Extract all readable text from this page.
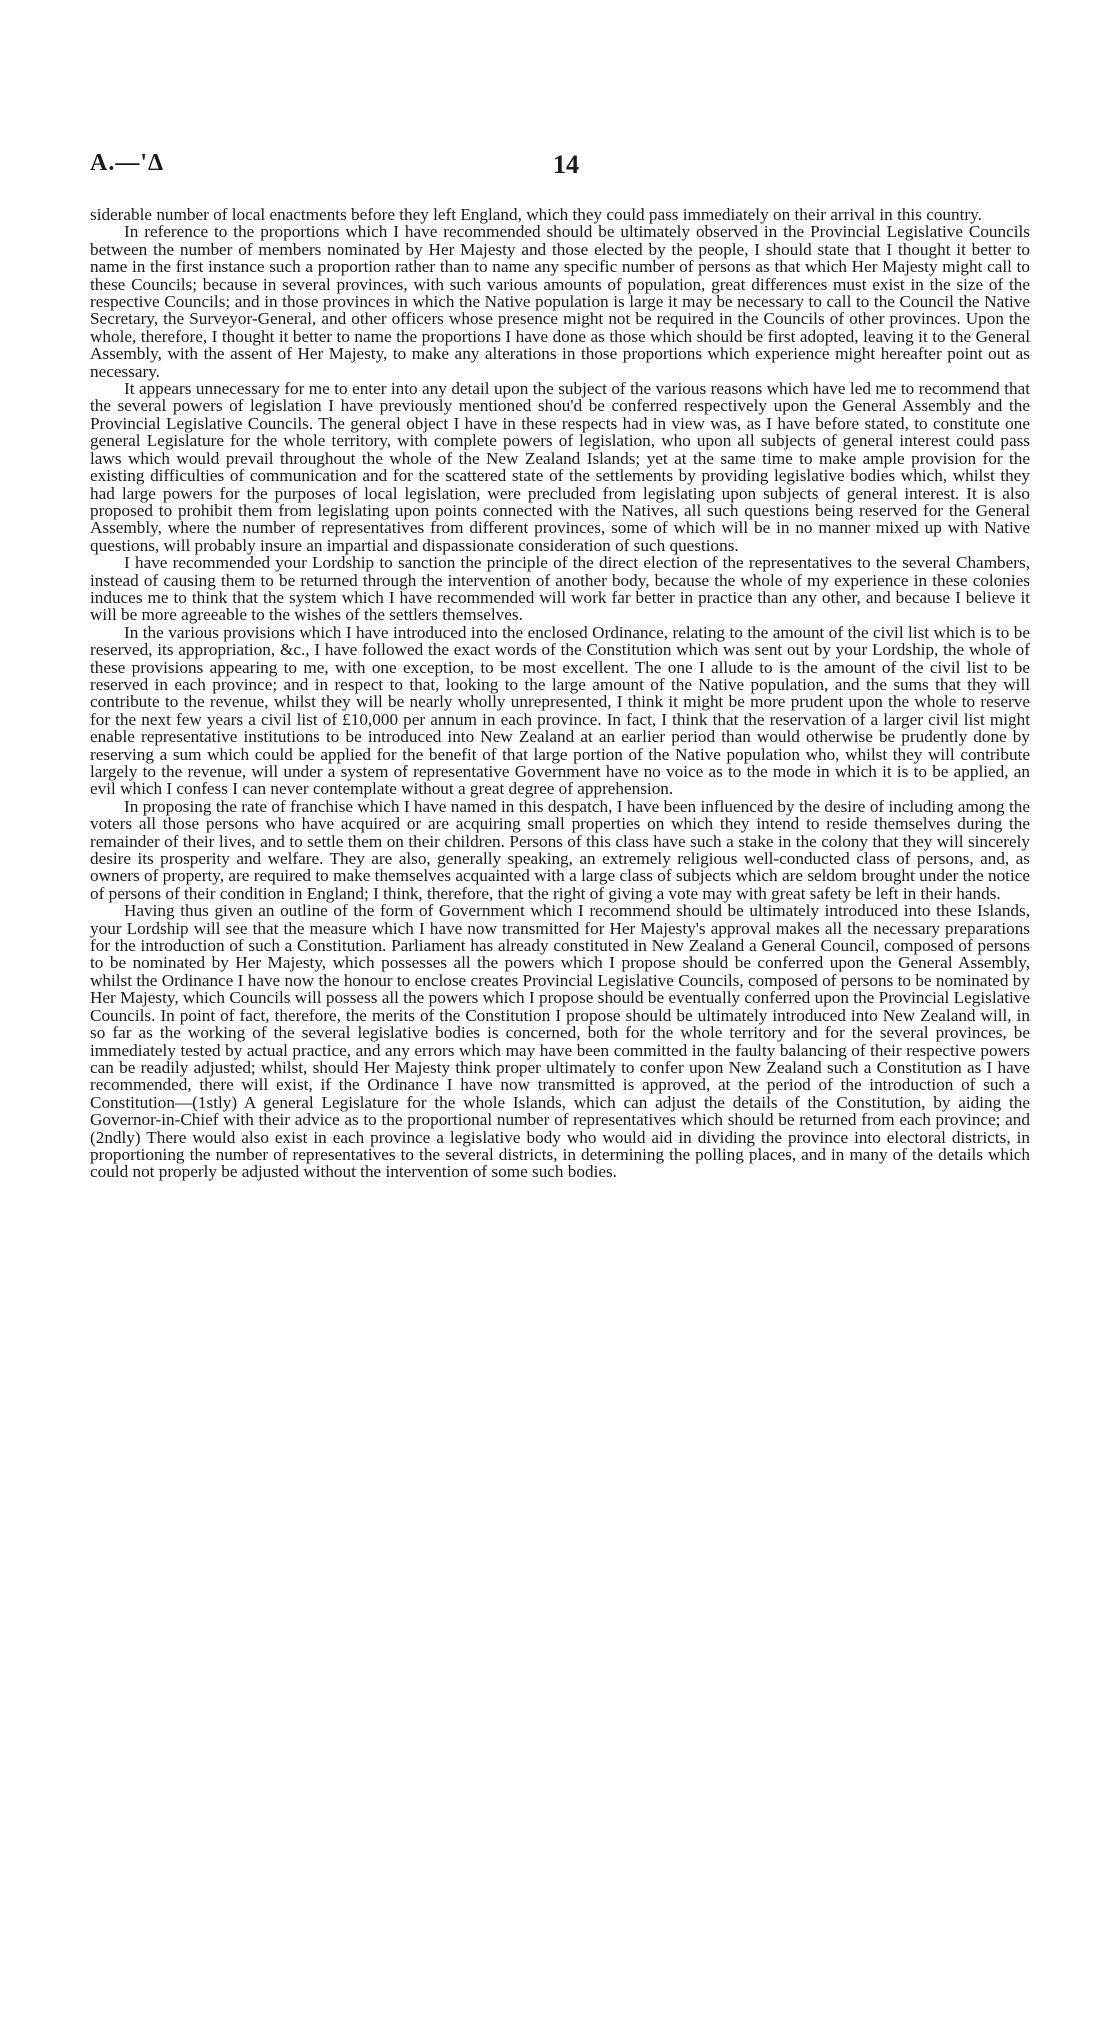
A.—'Δ	14

siderable number of local enactments before they left England, which they could pass immediately on their arrival in this country.

In reference to the proportions which I have recommended should be ultimately observed in the Provincial Legislative Councils between the number of members nominated by Her Majesty and those elected by the people, I should state that I thought it better to name in the first instance such a proportion rather than to name any specific number of persons as that which Her Majesty might call to these Councils; because in several provinces, with such various amounts of population, great differences must exist in the size of the respective Councils; and in those provinces in which the Native population is large it may be necessary to call to the Council the Native Secretary, the Surveyor-General, and other officers whose presence might not be required in the Councils of other provinces. Upon the whole, therefore, I thought it better to name the proportions I have done as those which should be first adopted, leaving it to the General Assembly, with the assent of Her Majesty, to make any alterations in those proportions which experience might hereafter point out as necessary.

It appears unnecessary for me to enter into any detail upon the subject of the various reasons which have led me to recommend that the several powers of legislation I have previously mentioned shou'd be conferred respectively upon the General Assembly and the Provincial Legislative Councils. The general object I have in these respects had in view was, as I have before stated, to constitute one general Legislature for the whole territory, with complete powers of legislation, who upon all subjects of general interest could pass laws which would prevail throughout the whole of the New Zealand Islands; yet at the same time to make ample provision for the existing difficulties of communication and for the scattered state of the settlements by providing legislative bodies which, whilst they had large powers for the purposes of local legislation, were precluded from legislating upon subjects of general interest. It is also proposed to prohibit them from legislating upon points connected with the Natives, all such questions being reserved for the General Assembly, where the number of representatives from different provinces, some of which will be in no manner mixed up with Native questions, will probably insure an impartial and dispassionate consideration of such questions.

I have recommended your Lordship to sanction the principle of the direct election of the representatives to the several Chambers, instead of causing them to be returned through the intervention of another body, because the whole of my experience in these colonies induces me to think that the system which I have recommended will work far better in practice than any other, and because I believe it will be more agreeable to the wishes of the settlers themselves.

In the various provisions which I have introduced into the enclosed Ordinance, relating to the amount of the civil list which is to be reserved, its appropriation, &c., I have followed the exact words of the Constitution which was sent out by your Lordship, the whole of these provisions appearing to me, with one exception, to be most excellent. The one I allude to is the amount of the civil list to be reserved in each province; and in respect to that, looking to the large amount of the Native population, and the sums that they will contribute to the revenue, whilst they will be nearly wholly unrepresented, I think it might be more prudent upon the whole to reserve for the next few years a civil list of £10,000 per annum in each province. In fact, I think that the reservation of a larger civil list might enable representative institutions to be introduced into New Zealand at an earlier period than would otherwise be prudently done by reserving a sum which could be applied for the benefit of that large portion of the Native population who, whilst they will contribute largely to the revenue, will under a system of representative Government have no voice as to the mode in which it is to be applied, an evil which I confess I can never contemplate without a great degree of apprehension.

In proposing the rate of franchise which I have named in this despatch, I have been influenced by the desire of including among the voters all those persons who have acquired or are acquiring small properties on which they intend to reside themselves during the remainder of their lives, and to settle them on their children. Persons of this class have such a stake in the colony that they will sincerely desire its prosperity and welfare. They are also, generally speaking, an extremely religious well-conducted class of persons, and, as owners of property, are required to make themselves acquainted with a large class of subjects which are seldom brought under the notice of persons of their condition in England; I think, therefore, that the right of giving a vote may with great safety be left in their hands.

Having thus given an outline of the form of Government which I recommend should be ultimately introduced into these Islands, your Lordship will see that the measure which I have now transmitted for Her Majesty's approval makes all the necessary preparations for the introduction of such a Constitution. Parliament has already constituted in New Zealand a General Council, composed of persons to be nominated by Her Majesty, which possesses all the powers which I propose should be conferred upon the General Assembly, whilst the Ordinance I have now the honour to enclose creates Provincial Legislative Councils, composed of persons to be nominated by Her Majesty, which Councils will possess all the powers which I propose should be eventually conferred upon the Provincial Legislative Councils. In point of fact, therefore, the merits of the Constitution I propose should be ultimately introduced into New Zealand will, in so far as the working of the several legislative bodies is concerned, both for the whole territory and for the several provinces, be immediately tested by actual practice, and any errors which may have been committed in the faulty balancing of their respective powers can be readily adjusted; whilst, should Her Majesty think proper ultimately to confer upon New Zealand such a Constitution as I have recommended, there will exist, if the Ordinance I have now transmitted is approved, at the period of the introduction of such a Constitution—(1stly) A general Legislature for the whole Islands, which can adjust the details of the Constitution, by aiding the Governor-in-Chief with their advice as to the proportional number of representatives which should be returned from each province; and (2ndly) There would also exist in each province a legislative body who would aid in dividing the province into electoral districts, in proportioning the number of representatives to the several districts, in determining the polling places, and in many of the details which could not properly be adjusted without the intervention of some such bodies.
